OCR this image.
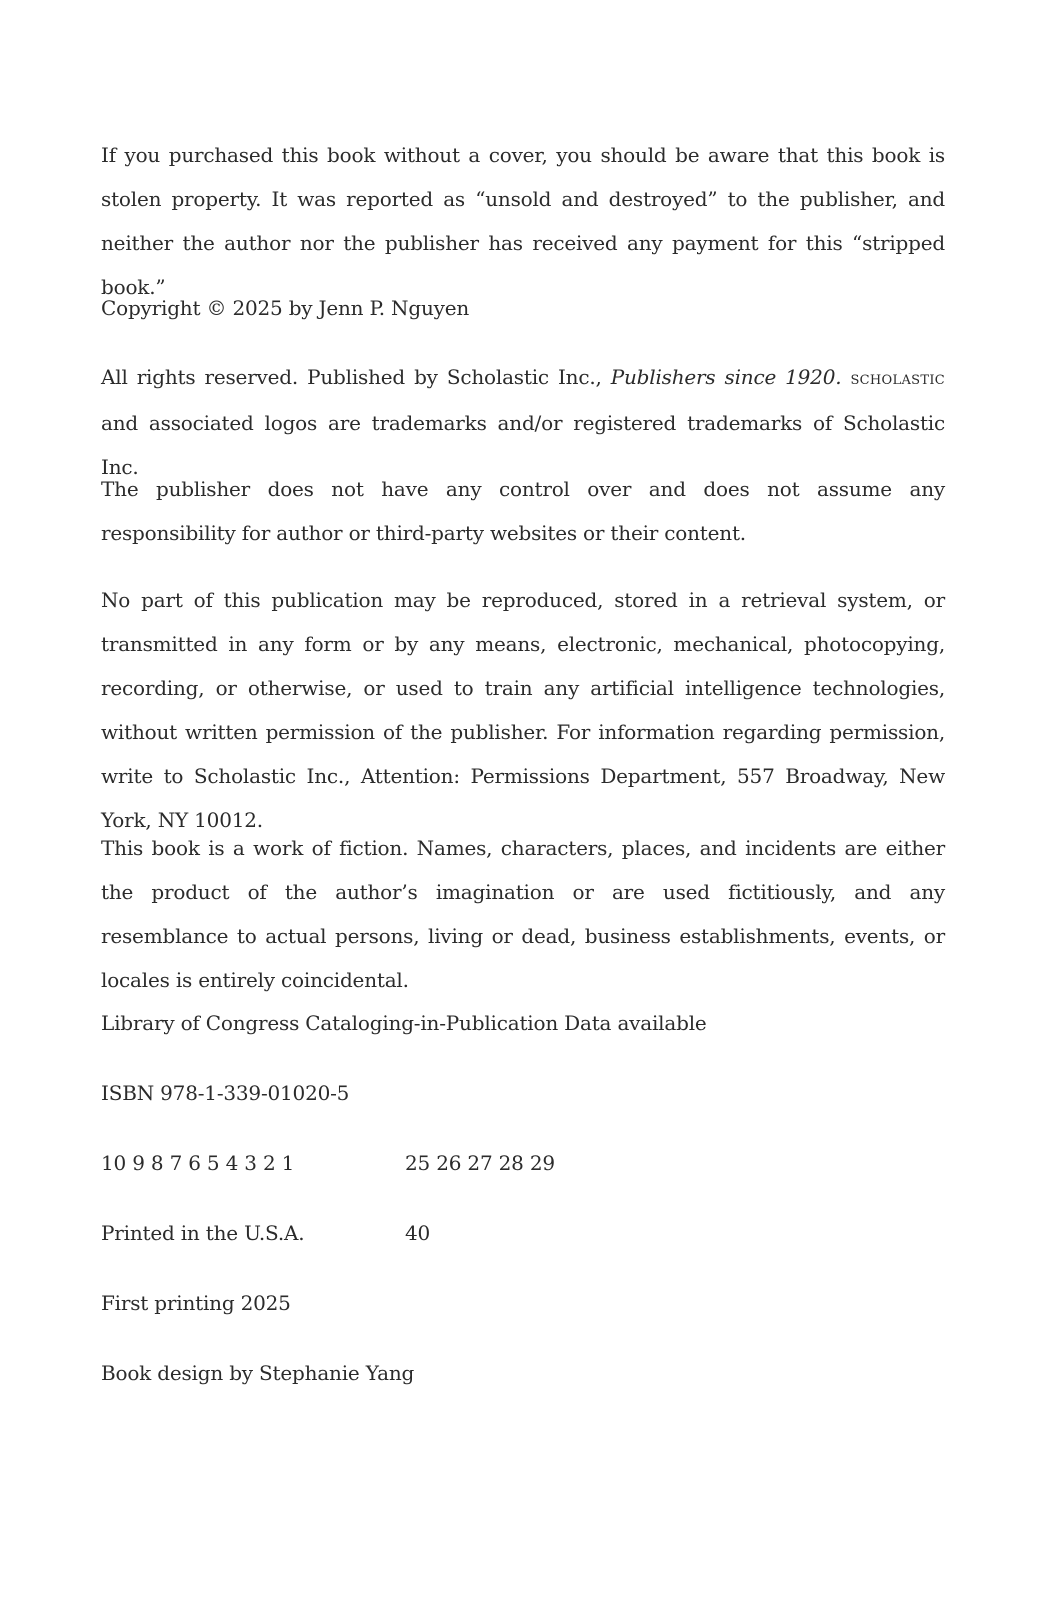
If you purchased this book without a cover, you should be aware that this book is stolen property. It was reported as “unsold and destroyed” to the publisher, and neither the author nor the publisher has received any payment for this “stripped book.”

Copyright © 2025 by Jenn P. Nguyen

All rights reserved. Published by Scholastic Inc., Publishers since 1920. scholastic and associated logos are trademarks and/or registered trademarks of Scholastic Inc.

The publisher does not have any control over and does not assume any responsibility for author or third-party websites or their content.

No part of this publication may be reproduced, stored in a retrieval system, or transmitted in any form or by any means, electronic, mechanical, photocopying, recording, or otherwise, or used to train any artificial intelligence technologies, without written permission of the publisher. For information regarding permission, write to Scholastic Inc., Attention: Permissions Department, 557 Broadway, New York, NY 10012.

This book is a work of fiction. Names, characters, places, and incidents are either the product of the author’s imagination or are used fictitiously, and any resemblance to actual persons, living or dead, business establishments, events, or locales is entirely coincidental.

Library of Congress Cataloging-in-Publication Data available

ISBN 978-1-339-01020-5

10 9 8 7 6 5 4 3 2 1	25 26 27 28 29
Printed in the U.S.A.	40

First printing 2025

Book design by Stephanie Yang
